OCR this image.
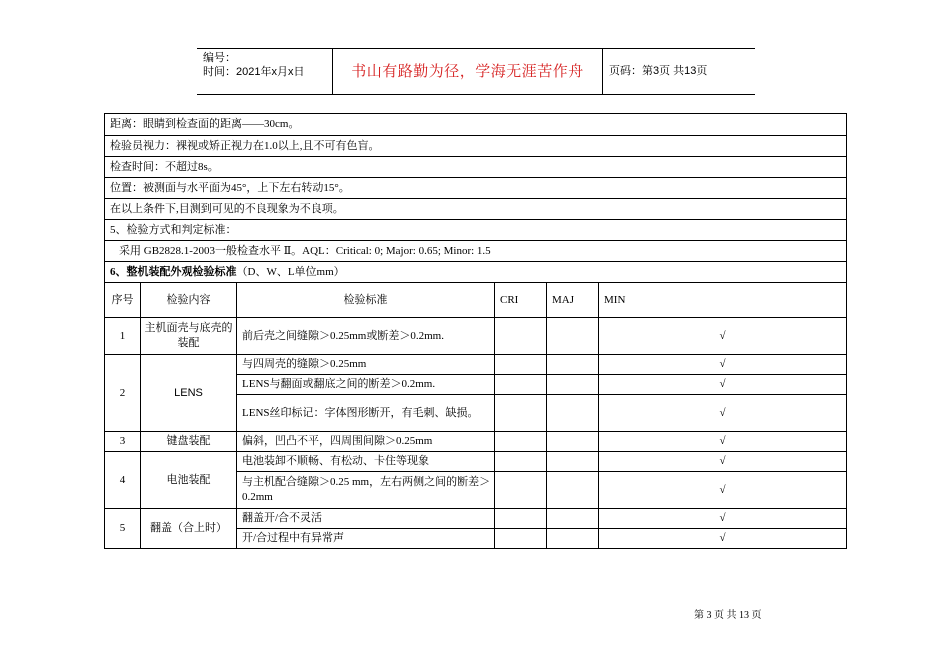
编号：
时间：2021年x月x日	书山有路勤为径，学海无涯苦作舟	页码：第3页 共13页
距离：眼睛到检查面的距离——30cm。					
检验员视力：裸视或矫正视力在1.0以上,且不可有色盲。					
检查时间：不超过8s。					
位置：被测面与水平面为45°，上下左右转动15°。					
在以上条件下,目测到可见的不良现象为不良项。					
5、检验方式和判定标准：					
采用 GB2828.1-2003一般检查水平 Ⅱ。AQL：Critical: 0; Major: 0.65; Minor: 1.5					
6、整机装配外观检验标准（D、W、L单位mm）					
序号	检验内容	检验标准	CRI	MAJ	MIN
1	主机面壳与底壳的装配	前后壳之间缝隙＞0.25mm或断差＞0.2mm.			√
2	LENS	与四周壳的缝隙＞0.25mm			√
		LENS与翻面或翻底之间的断差＞0.2mm.			√
		LENS丝印标记：字体图形断开，有毛刺、缺损。			√
3	键盘装配	偏斜，凹凸不平，四周围间隙＞0.25mm			√
4	电池装配	电池装卸不顺畅、有松动、卡住等现象			√
		与主机配合缝隙＞0.25 mm，左右两侧之间的断差＞0.2mm			√
5	翻盖（合上时）	翻盖开/合不灵活			√
		开/合过程中有异常声			√
第 3 页 共 13 页
